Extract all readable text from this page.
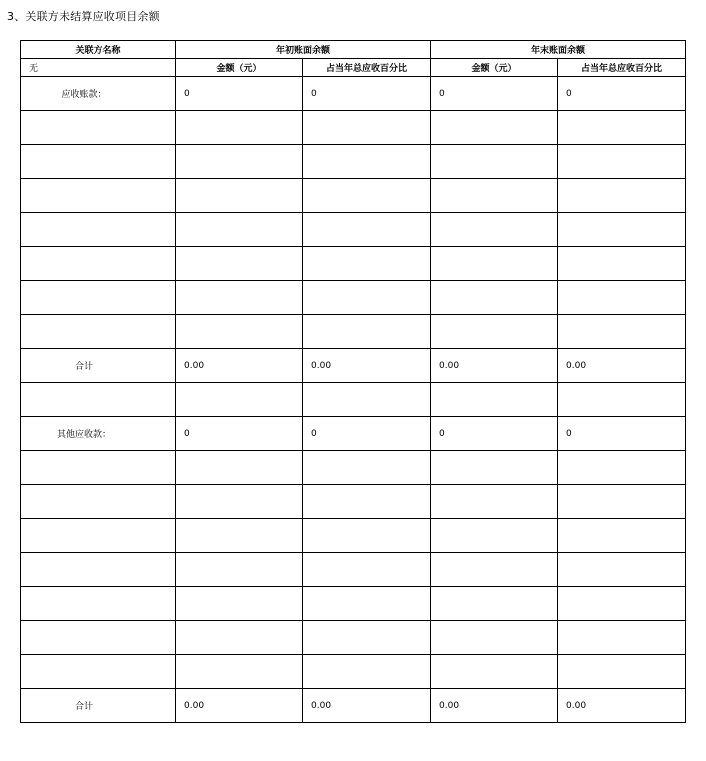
3、关联方未结算应收项目余额
关联方名称	年初账面余额		年末账面余额	
无	金额（元）	占当年总应收百分比	金额（元）	占当年总应收百分比
应收账款：	0	0	0	0

合计	0.00	0.00	0.00	0.00

其他应收款：	0	0	0	0

合计	0.00	0.00	0.00	0.00
